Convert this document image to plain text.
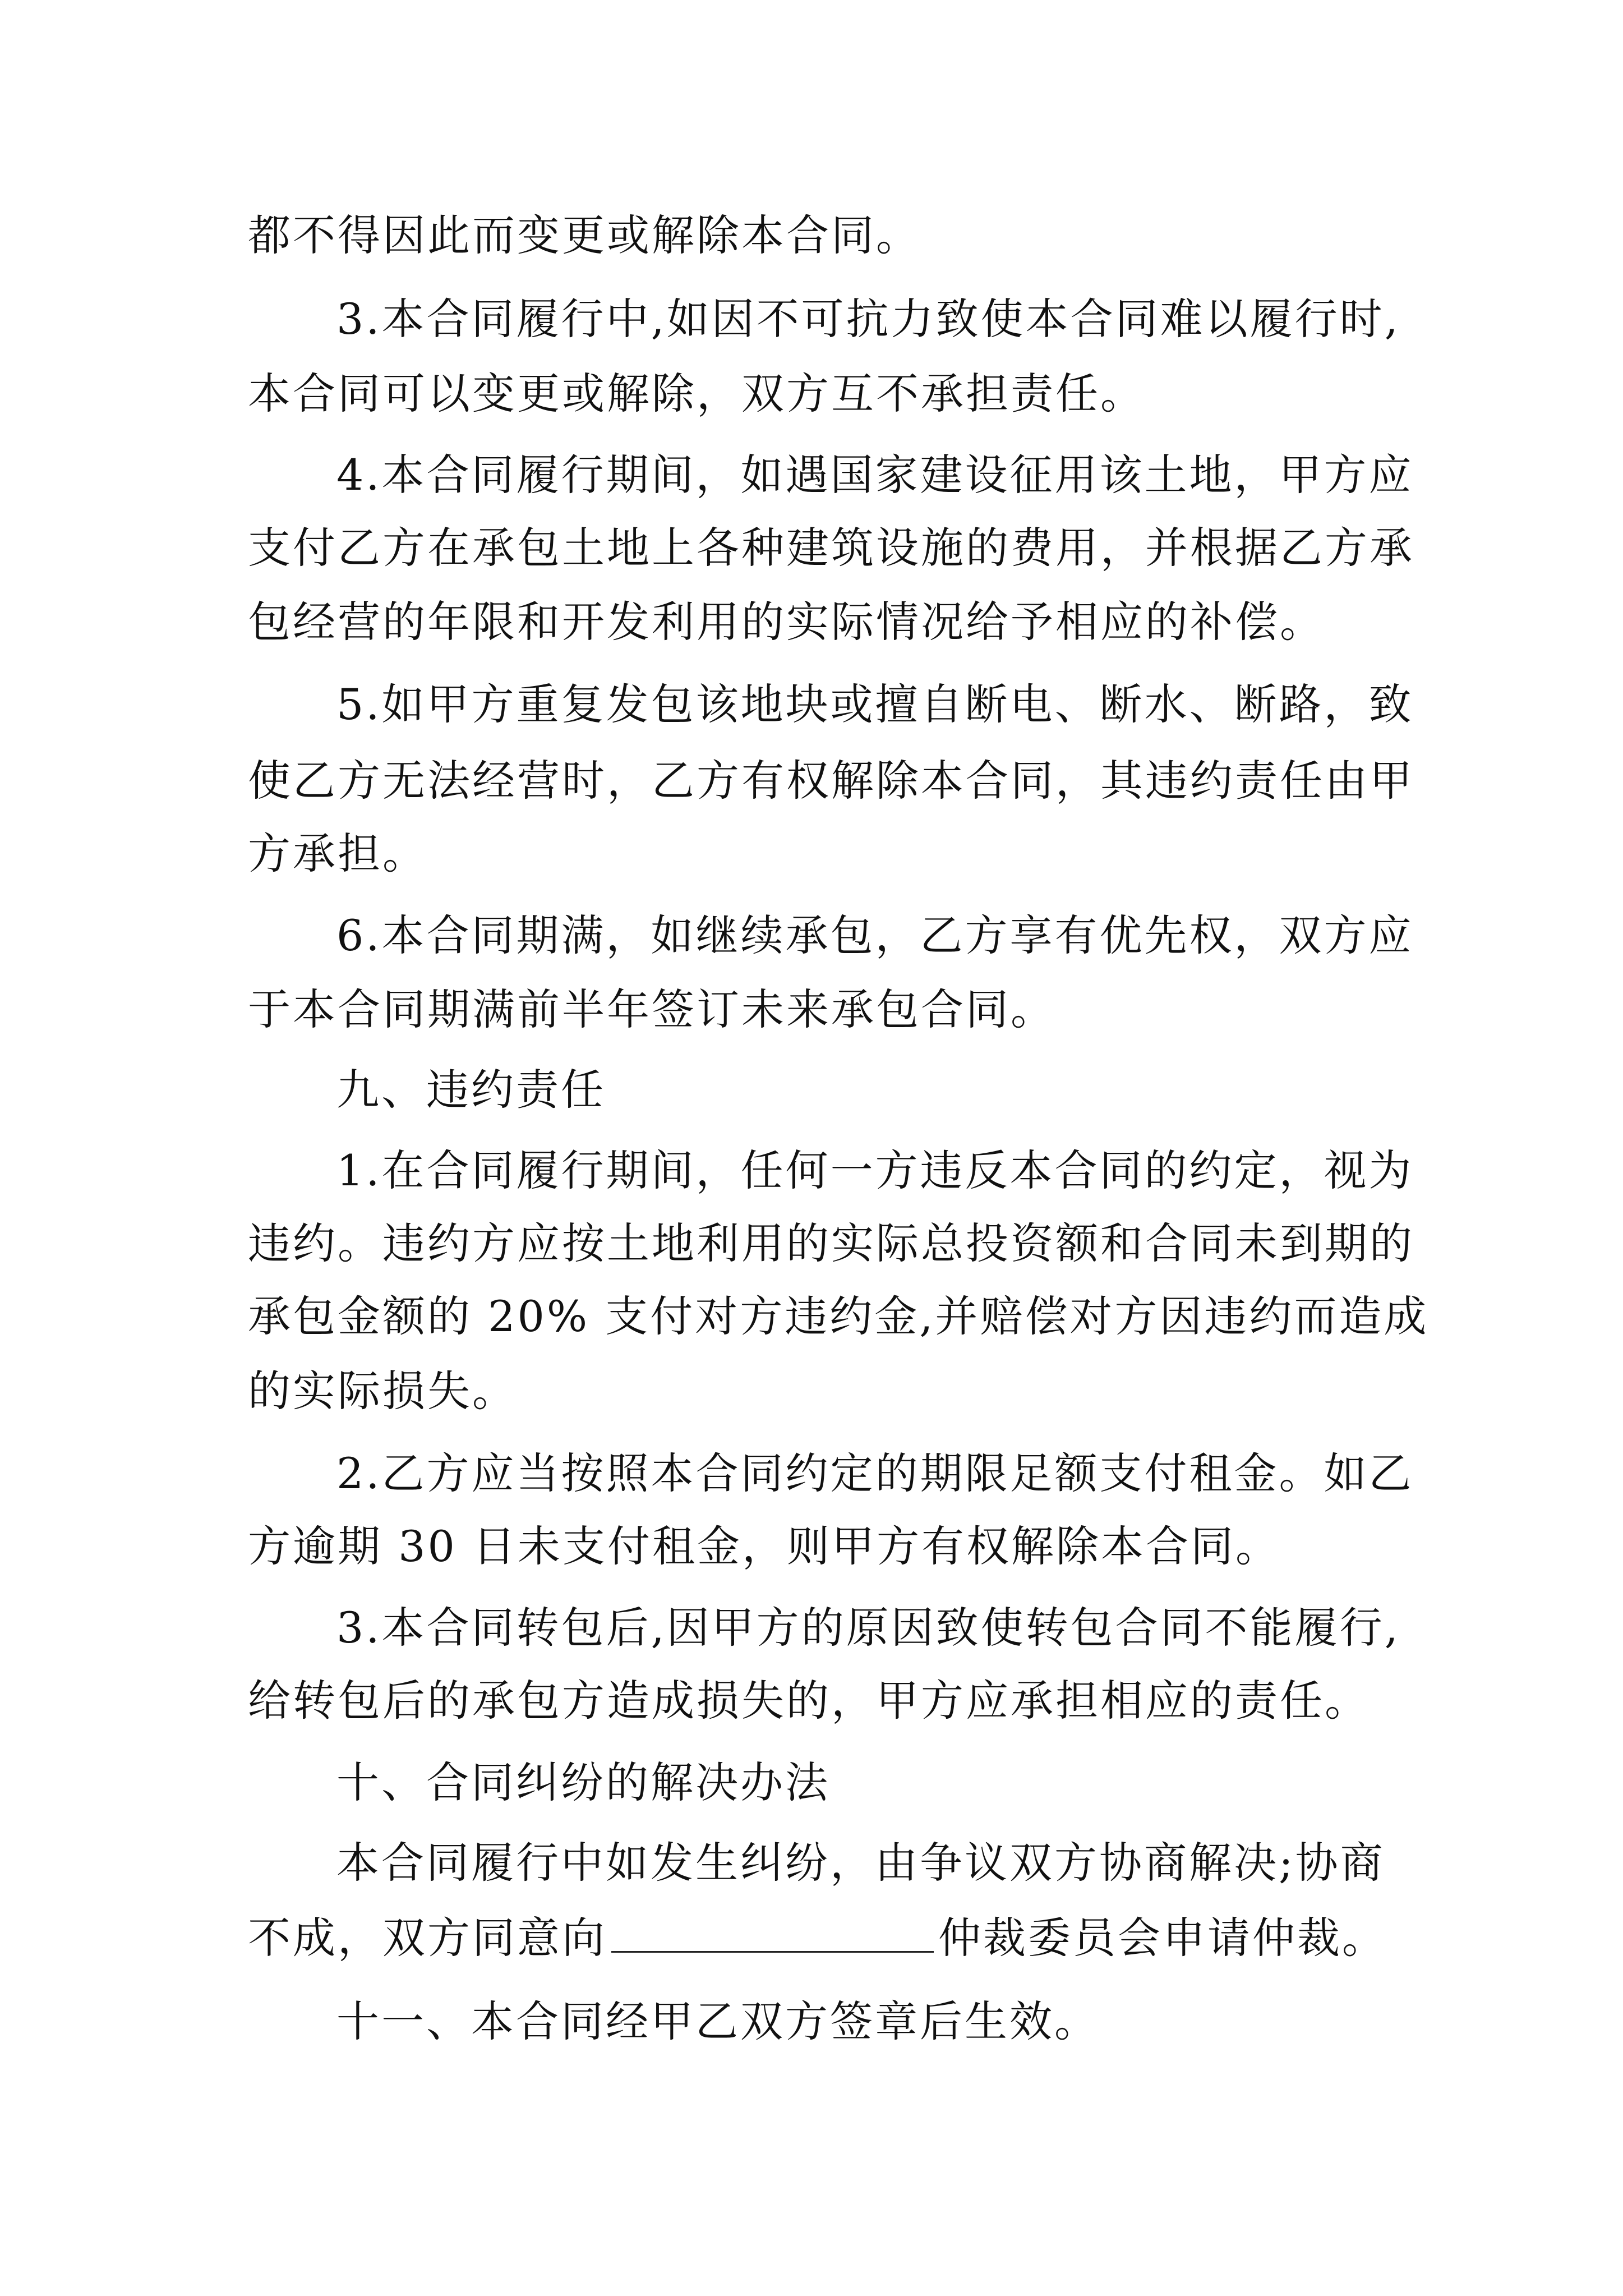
都不得因此而变更或解除本合同。
3.本合同履行中,如因不可抗力致使本合同难以履行时,
本合同可以变更或解除，双方互不承担责任。
4.本合同履行期间，如遇国家建设征用该土地，甲方应
支付乙方在承包土地上各种建筑设施的费用，并根据乙方承
包经营的年限和开发利用的实际情况给予相应的补偿。
5.如甲方重复发包该地块或擅自断电、断水、断路，致
使乙方无法经营时，乙方有权解除本合同，其违约责任由甲
方承担。
6.本合同期满，如继续承包，乙方享有优先权，双方应
于本合同期满前半年签订未来承包合同。
九、违约责任
1.在合同履行期间，任何一方违反本合同的约定，视为
违约。违约方应按土地利用的实际总投资额和合同未到期的
承包金额的 20% 支付对方违约金,并赔偿对方因违约而造成
的实际损失。
2.乙方应当按照本合同约定的期限足额支付租金。如乙
方逾期 30 日未支付租金，则甲方有权解除本合同。
3.本合同转包后,因甲方的原因致使转包合同不能履行,
给转包后的承包方造成损失的，甲方应承担相应的责任。
十、合同纠纷的解决办法
本合同履行中如发生纠纷，由争议双方协商解决;协商
不成，双方同意向	仲裁委员会申请仲裁。
十一、本合同经甲乙双方签章后生效。
